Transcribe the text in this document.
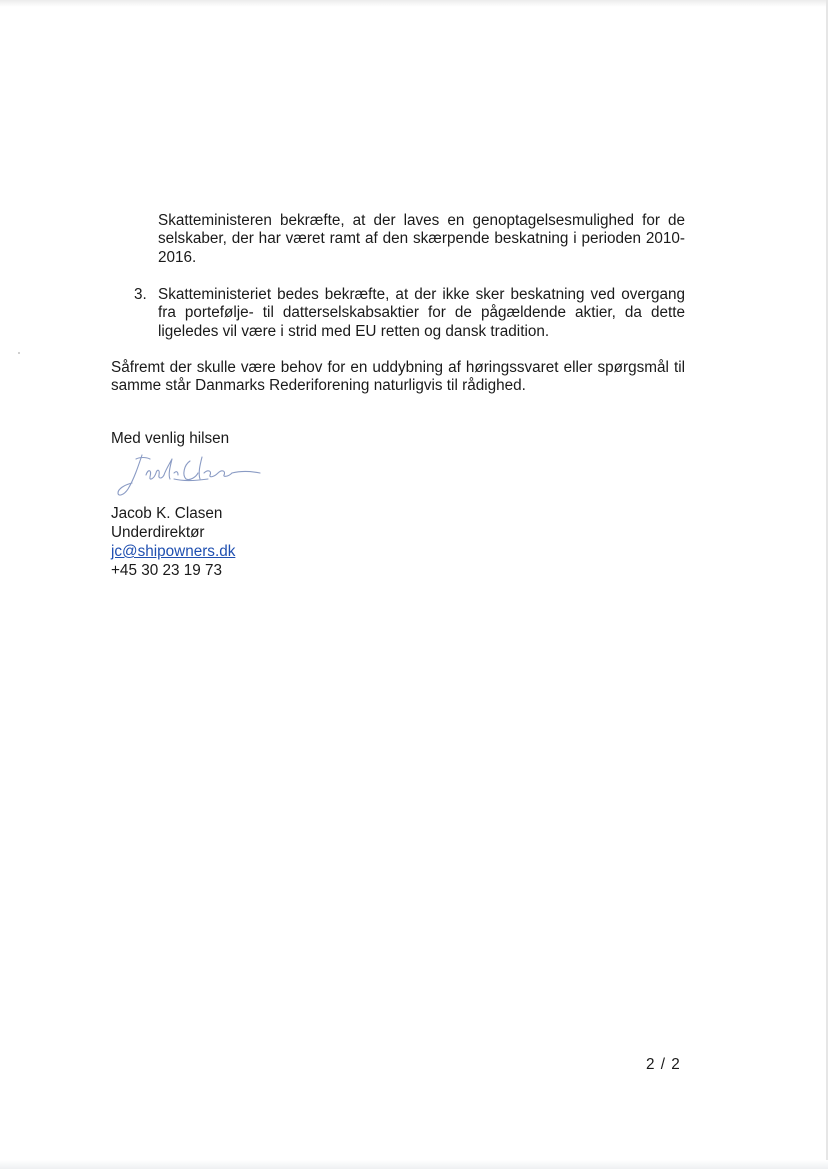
Skatteministeren bekræfte, at der laves en genoptagelsesmulighed for de selskaber, der har været ramt af den skærpende beskatning i perioden 2010-2016.
3. Skatteministeriet bedes bekræfte, at der ikke sker beskatning ved overgang fra portefølje- til datterselskabsaktier for de pågældende aktier, da dette ligeledes vil være i strid med EU retten og dansk tradition.
Såfremt der skulle være behov for en uddybning af høringssvaret eller spørgsmål til samme står Danmarks Rederiforening naturligvis til rådighed.
Med venlig hilsen
Jacob K. Clasen
Underdirektør
jc@shipowners.dk
+45 30 23 19 73
2 / 2
